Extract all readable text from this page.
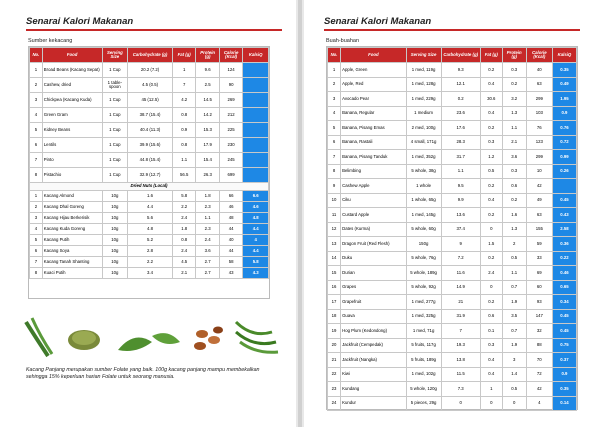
Senarai Kalori Makanan
Sumber kekacang
No.	Food	Serving Size	Carbohydrate (g)	Fat (g)	Protein (g)	Calorie (Kcal)	KalsiQ
1	Broad Beans (Kacang Sepat)	1 Cup	20.2 (7.2)	1	9.6	124	
2	Cashew, dried	1 table-spoon	4.5 (0.5)	7	2.5	90	
3	Chickpea (Kacang Kuda)	1 Cup	45 (12.5)	4.2	14.5	269	
4	Green Gram	1 Cup	38.7 (15.4)	0.8	14.2	212	
5	Kidney Beans	1 Cup	40.4 (11.3)	0.9	15.3	225	
6	Lentils	1 Cup	39.9 (15.6)	0.8	17.9	230	
7	Pinto	1 Cup	44.8 (15.4)	1.1	15.4	245	
8	Pistachio	1 Cup	32.9 (12.7)	56.5	26.3	699	
Dried Nuts (Local)							
1	Kacang Almond	10g	1.6	5.8	1.8	66	6.6
2	Kacang Dhal Goreng	10g	4.4	2.2	2.3	46	4.6
3	Kacang Hijau Berkerisik	10g	5.6	2.4	1.1	48	4.8
4	Kacang Kuda Goreng	10g	4.8	1.8	2.3	44	4.4
5	Kacang Putih	10g	5.2	0.8	2.4	40	4
6	Kacang Soya	10g	2.8	2.4	3.6	44	4.4
7	Kacang Tanah Shanting	10g	2.2	4.5	2.7	58	5.8
8	Kuaci Putih	10g	3.4	2.1	2.7	43	4.3
Kacang Panjang merupakan sumber Folate yang baik. 100g kacang panjang mampu membekalkan sehingga 15% keperluan harian Folate untuk seorang manusia.
Senarai Kalori Makanan
Buah-buahan
No.	Food	Serving Size	Carbohydrate (g)	Fat (g)	Protein (g)	Calorie (Kcal)	KalsiQ
1	Apple, Green	1 med, 119g	9.3	0.2	0.3	40	0.35
2	Apple, Red	1 med, 128g	12.1	0.4	0.2	63	0.49
3	Avocado Pear	1 med, 229g	0.2	30.6	3.2	299	1.95
4	Banana, Regular	1 medium	23.6	0.4	1.3	103	0.9
5	Banana, Pisang Emas	2 med, 100g	17.6	0.2	1.1	76	0.76
6	Banana, Rastali	4 small, 171g	28.3	0.3	2.1	123	0.72
7	Banana, Pisang Tanduk	1 med, 352g	31.7	1.2	3.6	299	0.99
8	Belimbing	5 whole, 38g	1.1	0.5	0.3	10	0.26
9	Cashew Apple	1 whole	9.5	0.2	0.6	42	
10	Ciku	1 whole, 65g	9.9	0.4	0.2	49	0.45
11	Custard Apple	1 med, 145g	13.6	0.2	1.6	63	0.43
12	Dates (Kurma)	5 whole, 60g	37.4	0	1.3	155	2.58
13	Dragon Fruit (Red Flesh)	150g	9	1.5	2	59	0.36
14	Duku	5 whole, 76g	7.2	0.2	0.5	33	0.22
15	Durian	5 whole, 189g	11.6	2.4	1.1	69	0.46
16	Grapes	5 whole, 92g	14.9	0	0.7	60	0.65
17	Grapefruit	1 med, 277g	21	0.2	1.9	93	0.34
18	Guava	1 med, 325g	31.9	0.6	3.5	147	0.45
19	Hog Plum (Kedondong)	1 med, 71g	7	0.1	0.7	32	0.45
20	Jackfruit (Cempedak)	5 fruits, 117g	19.3	0.3	1.9	88	0.75
21	Jackfruit (Nangka)	5 fruits, 189g	13.8	0.4	3	70	0.37
22	Kiwi	1 med, 102g	11.5	0.4	1.4	72	0.9
23	Kundang	5 whole, 120g	7.3	1	0.5	42	0.35
24	Kundur	5 pieces, 29g	0	0	0	4	0.14
